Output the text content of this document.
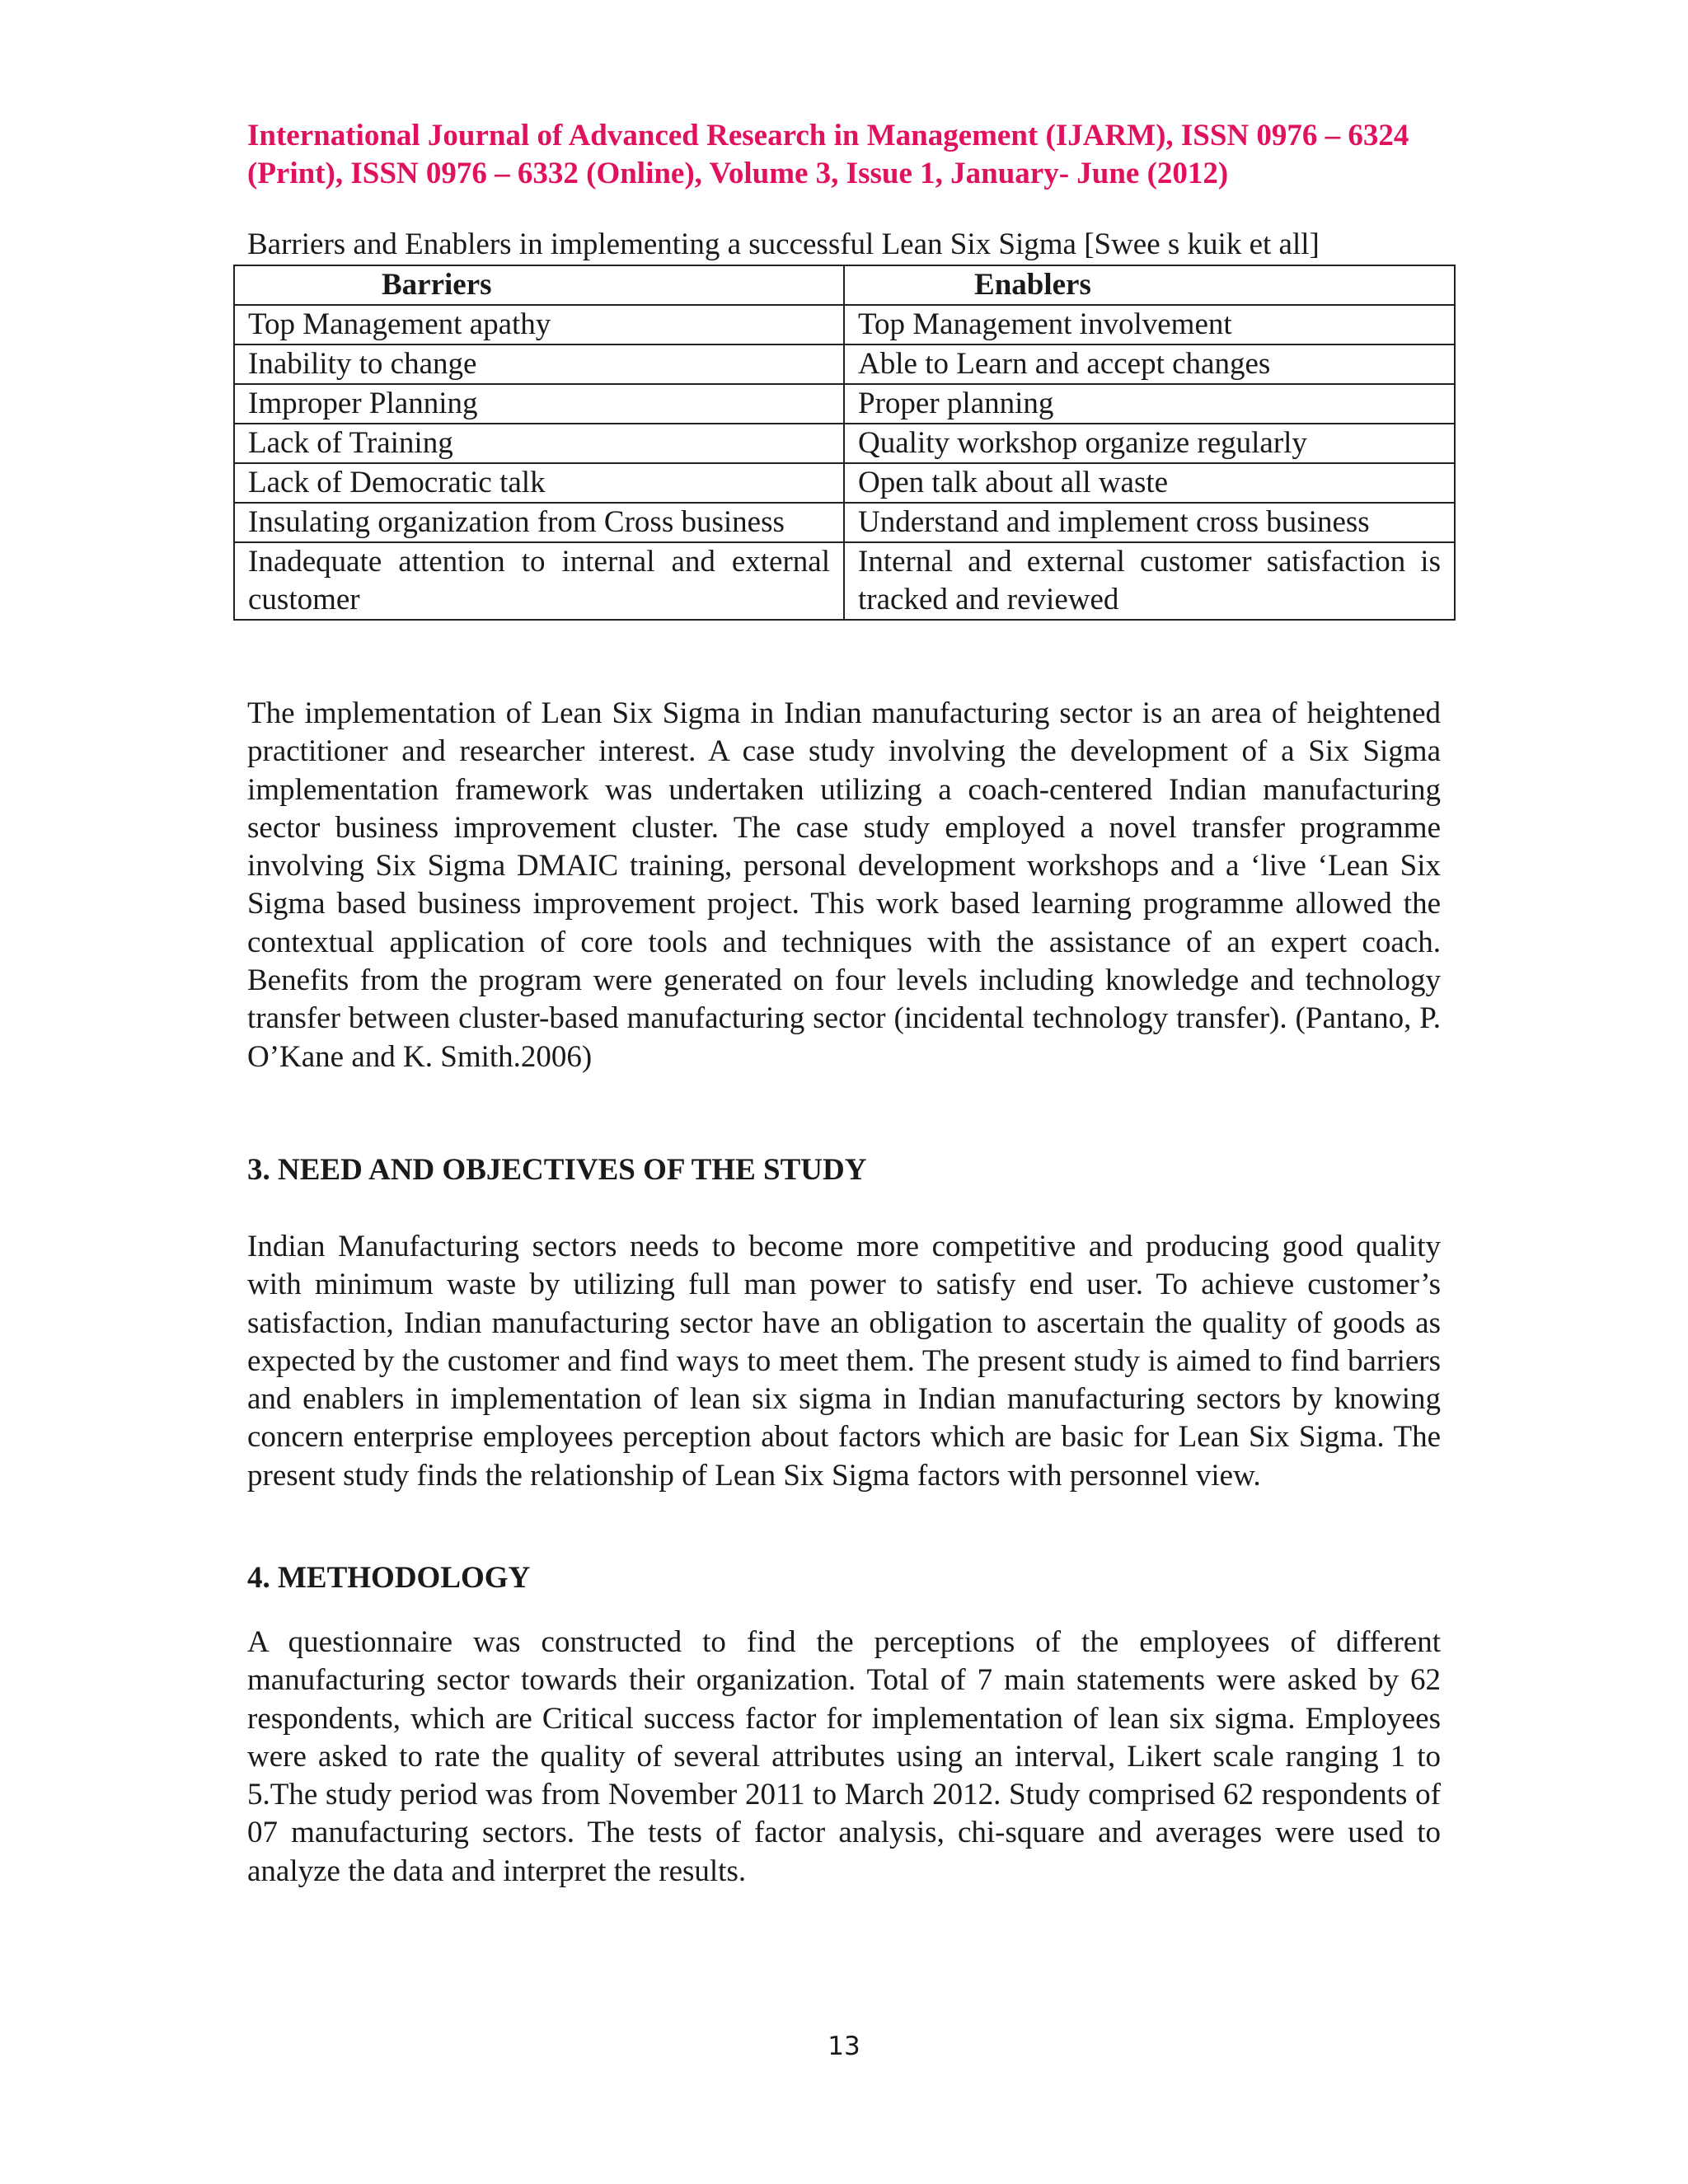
International Journal of Advanced Research in Management (IJARM), ISSN 0976 – 6324
(Print), ISSN 0976 – 6332 (Online), Volume 3, Issue 1, January- June (2012)
Barriers and Enablers in implementing a successful Lean Six Sigma [Swee s kuik et all]
Barriers	Enablers
Top Management apathy	Top Management involvement
Inability to change	Able to Learn and accept changes
Improper Planning	Proper planning
Lack of Training	Quality workshop organize regularly
Lack of Democratic talk	Open talk about all waste
Insulating organization from Cross business	Understand and implement cross business
Inadequate attention to internal and external customer	Internal and external customer satisfaction is tracked and reviewed
The implementation of Lean Six Sigma in Indian manufacturing sector is an area of heightened practitioner and researcher interest. A case study involving the development of a Six Sigma implementation framework was undertaken utilizing a coach-centered Indian manufacturing sector business improvement cluster. The case study employed a novel transfer programme involving Six Sigma DMAIC training, personal development workshops and a ‘live ‘Lean Six Sigma based business improvement project. This work based learning programme allowed the contextual application of core tools and techniques with the assistance of an expert coach. Benefits from the program were generated on four levels including knowledge and technology transfer between cluster-based manufacturing sector (incidental technology transfer). (Pantano, P. O’Kane and K. Smith.2006)
3. NEED AND OBJECTIVES OF THE STUDY
Indian Manufacturing sectors needs to become more competitive and producing good quality with minimum waste by utilizing full man power to satisfy end user. To achieve customer’s satisfaction, Indian manufacturing sector have an obligation to ascertain the quality of goods as expected by the customer and find ways to meet them. The present study is aimed to find barriers and enablers in implementation of lean six sigma in Indian manufacturing sectors by knowing concern enterprise employees perception about factors which are basic for Lean Six Sigma. The present study finds the relationship of Lean Six Sigma factors with personnel view.
4. METHODOLOGY
A questionnaire was constructed to find the perceptions of the employees of different manufacturing sector towards their organization. Total of 7 main statements were asked by 62 respondents, which are Critical success factor for implementation of lean six sigma. Employees were asked to rate the quality of several attributes using an interval, Likert scale ranging 1 to 5.The study period was from November 2011 to March 2012. Study comprised 62 respondents of 07 manufacturing sectors. The tests of factor analysis, chi-square and averages were used to analyze the data and interpret the results.
13
